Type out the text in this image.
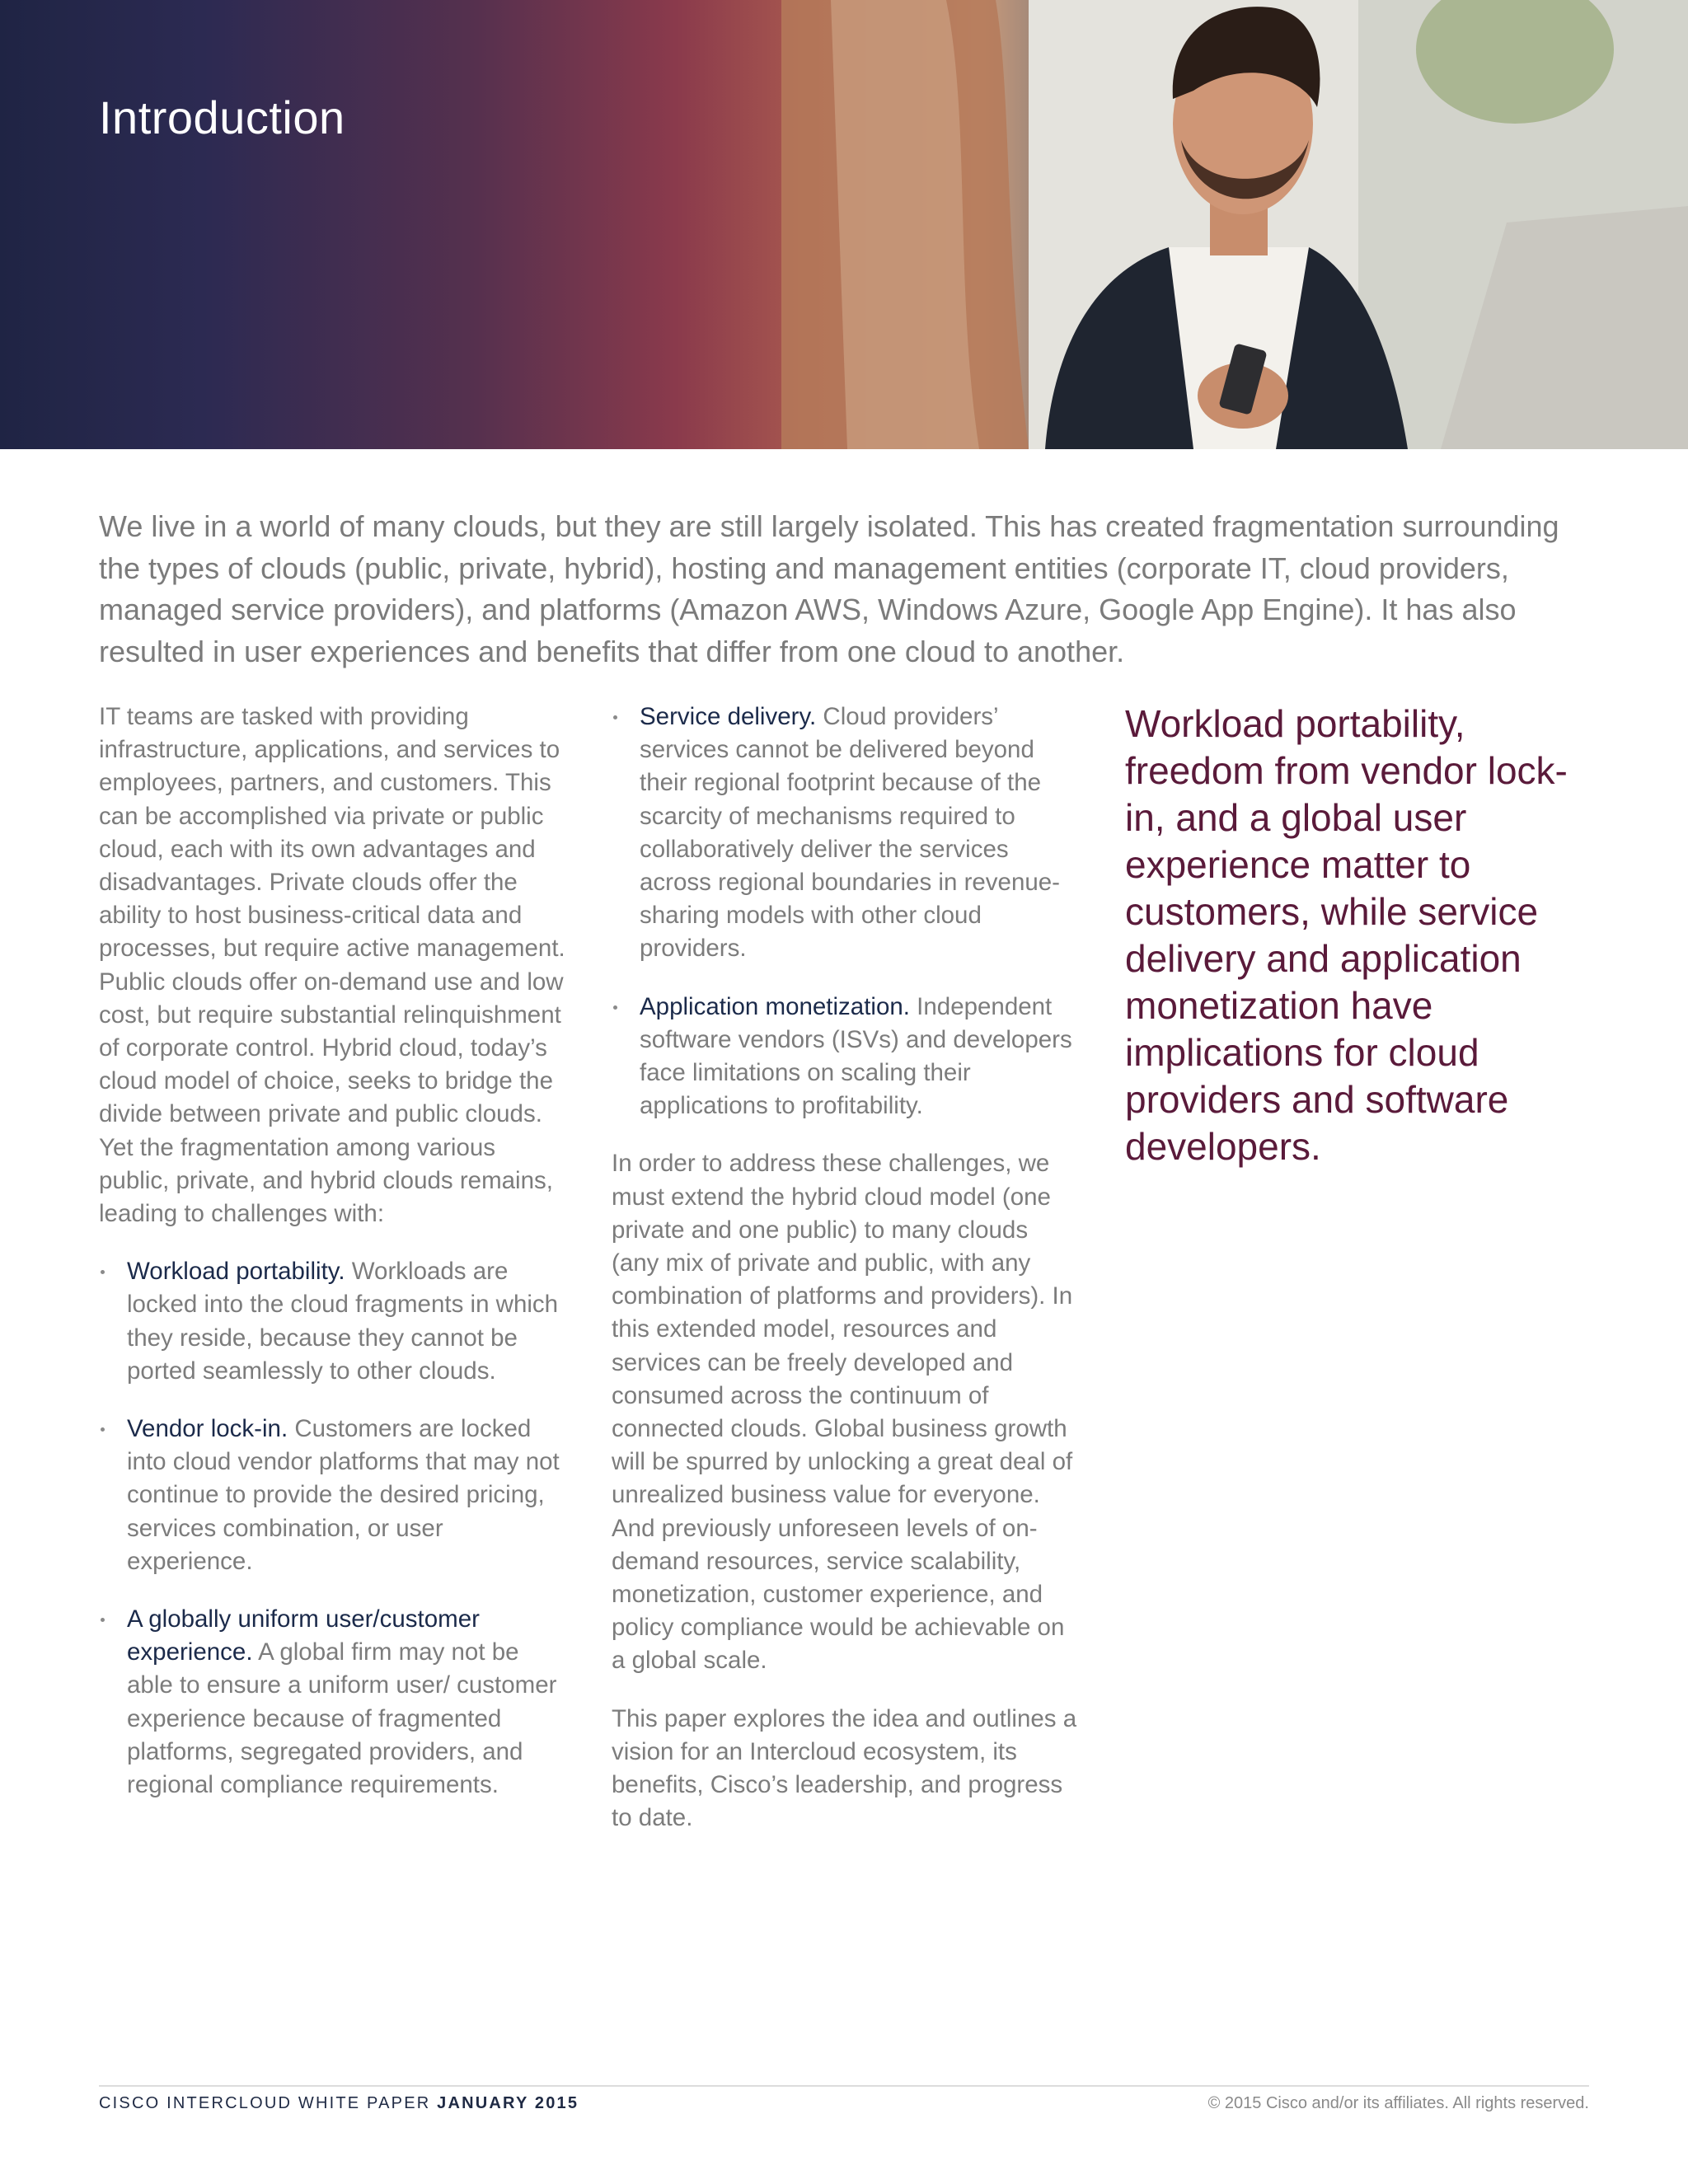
Introduction
We live in a world of many clouds, but they are still largely isolated. This has created fragmentation surrounding the types of clouds (public, private, hybrid), hosting and management entities (corporate IT, cloud providers, managed service providers), and platforms (Amazon AWS, Windows Azure, Google App Engine). It has also resulted in user experiences and benefits that differ from one cloud to another.

IT teams are tasked with providing infrastructure, applications, and services to employees, partners, and customers. This can be accomplished via private or public cloud, each with its own advantages and disadvantages. Private clouds offer the ability to host business-critical data and processes, but require active management. Public clouds offer on-demand use and low cost, but require substantial relinquishment of corporate control. Hybrid cloud, today’s cloud model of choice, seeks to bridge the divide between private and public clouds. Yet the fragmentation among various public, private, and hybrid clouds remains, leading to challenges with:

Workload portability. Workloads are locked into the cloud fragments in which they reside, because they cannot be ported seamlessly to other clouds.
Vendor lock-in. Customers are locked into cloud vendor platforms that may not continue to provide the desired pricing, services combination, or user experience.
A globally uniform user/customer experience. A global firm may not be able to ensure a uniform user/ customer experience because of fragmented platforms, segregated providers, and regional compliance requirements.
Service delivery. Cloud providers’ services cannot be delivered beyond their regional footprint because of the scarcity of mechanisms required to collaboratively deliver the services across regional boundaries in revenue-sharing models with other cloud providers.
Application monetization. Independent software vendors (ISVs) and developers face limitations on scaling their applications to profitability.

In order to address these challenges, we must extend the hybrid cloud model (one private and one public) to many clouds (any mix of private and public, with any combination of platforms and providers). In this extended model, resources and services can be freely developed and consumed across the continuum of connected clouds. Global business growth will be spurred by unlocking a great deal of unrealized business value for everyone. And previously unforeseen levels of on-demand resources, service scalability, monetization, customer experience, and policy compliance would be achievable on a global scale.

This paper explores the idea and outlines a vision for an Intercloud ecosystem, its benefits, Cisco’s leadership, and progress to date.

Workload portability, freedom from vendor lock-in, and a global user experience matter to customers, while service delivery and application monetization have implications for cloud providers and software developers.
CISCO INTERCLOUD WHITE PAPER JANUARY 2015	© 2015 Cisco and/or its affiliates. All rights reserved.
